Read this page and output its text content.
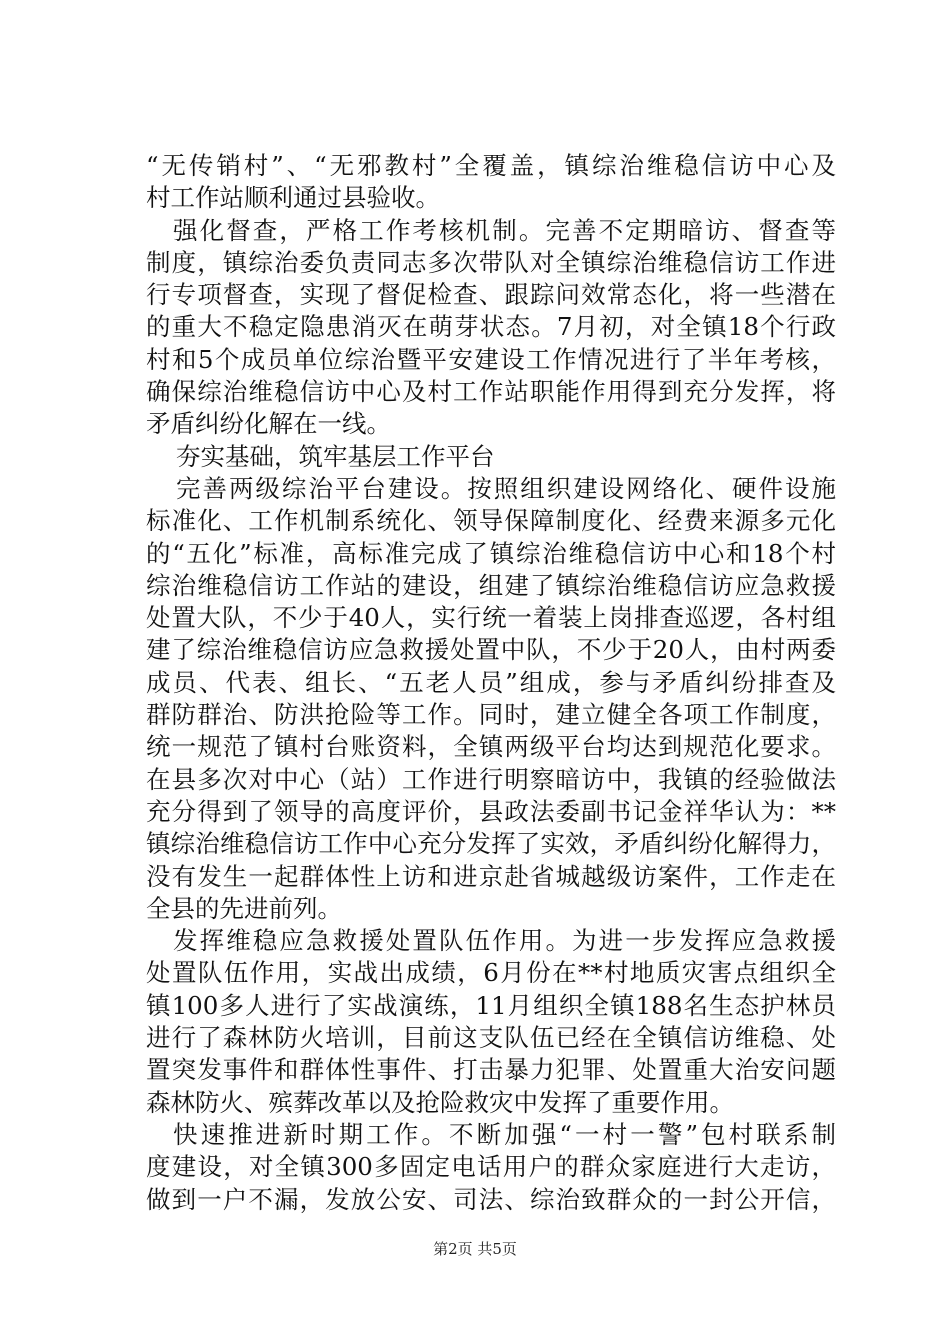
“无传销村”、“无邪教村”全覆盖，镇综治维稳信访中心及
村工作站顺利通过县验收。
强化督查，严格工作考核机制。完善不定期暗访、督查等
制度，镇综治委负责同志多次带队对全镇综治维稳信访工作进
行专项督查，实现了督促检查、跟踪问效常态化，将一些潜在
的重大不稳定隐患消灭在萌芽状态。7月初，对全镇18个行政
村和5个成员单位综治暨平安建设工作情况进行了半年考核，
确保综治维稳信访中心及村工作站职能作用得到充分发挥，将
矛盾纠纷化解在一线。
夯实基础，筑牢基层工作平台
完善两级综治平台建设。按照组织建设网络化、硬件设施
标准化、工作机制系统化、领导保障制度化、经费来源多元化
的“五化”标准，高标准完成了镇综治维稳信访中心和18个村
综治维稳信访工作站的建设，组建了镇综治维稳信访应急救援
处置大队，不少于40人，实行统一着装上岗排查巡逻，各村组
建了综治维稳信访应急救援处置中队，不少于20人，由村两委
成员、代表、组长、“五老人员”组成，参与矛盾纠纷排查及
群防群治、防洪抢险等工作。同时，建立健全各项工作制度，
统一规范了镇村台账资料，全镇两级平台均达到规范化要求。
在县多次对中心（站）工作进行明察暗访中，我镇的经验做法
充分得到了领导的高度评价，县政法委副书记金祥华认为：**
镇综治维稳信访工作中心充分发挥了实效，矛盾纠纷化解得力，
没有发生一起群体性上访和进京赴省城越级访案件，工作走在
全县的先进前列。
发挥维稳应急救援处置队伍作用。为进一步发挥应急救援
处置队伍作用，实战出成绩，6月份在**村地质灾害点组织全
镇100多人进行了实战演练，11月组织全镇188名生态护林员
进行了森林防火培训，目前这支队伍已经在全镇信访维稳、处
置突发事件和群体性事件、打击暴力犯罪、处置重大治安问题
森林防火、殡葬改革以及抢险救灾中发挥了重要作用。
快速推进新时期工作。不断加强“一村一警”包村联系制
度建设，对全镇300多固定电话用户的群众家庭进行大走访，
做到一户不漏，发放公安、司法、综治致群众的一封公开信，
第2页 共5页
